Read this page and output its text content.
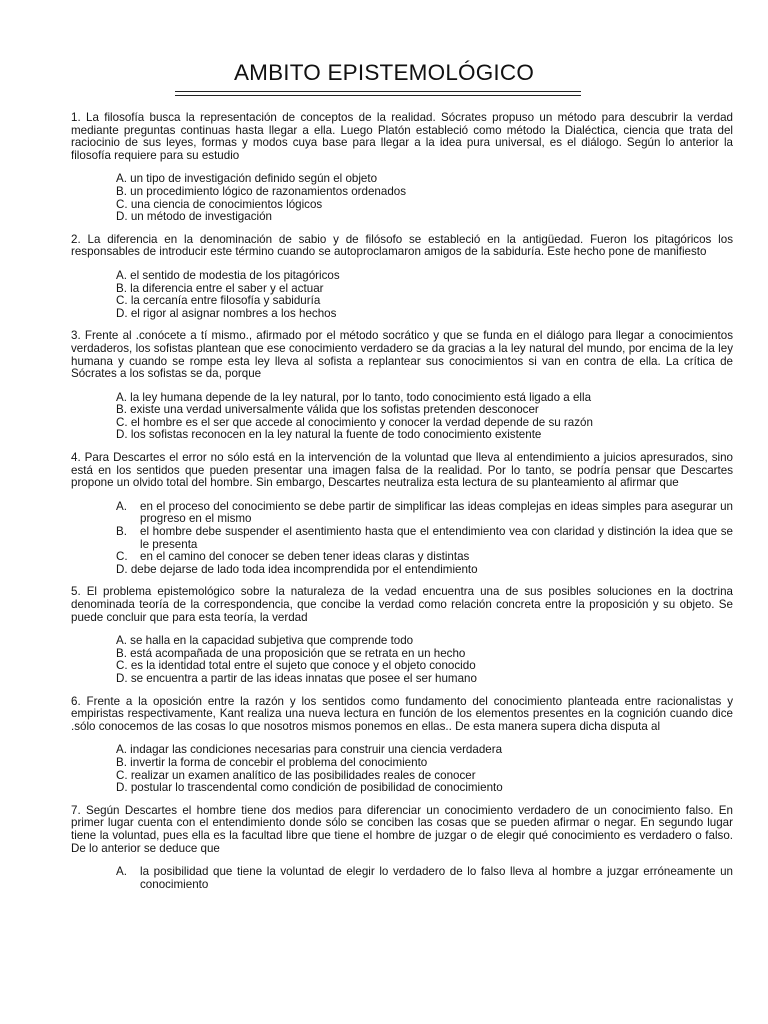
AMBITO EPISTEMOLÓGICO
1. La filosofía busca la representación de conceptos de la realidad. Sócrates propuso un método para descubrir la verdad mediante preguntas continuas hasta llegar a ella. Luego Platón estableció como método la Dialéctica, ciencia que trata del raciocinio de sus leyes, formas y modos cuya base para llegar a la idea pura universal, es el diálogo. Según lo anterior la filosofía requiere para su estudio
A. un tipo de investigación definido según el objeto
B. un procedimiento lógico de razonamientos ordenados
C. una ciencia de conocimientos lógicos
D. un método de investigación
2. La diferencia en la denominación de sabio y de filósofo se estableció en la antigüedad. Fueron los pitagóricos los responsables de introducir este término cuando se autoproclamaron amigos de la sabiduría. Este hecho pone de manifiesto
A. el sentido de modestia de los pitagóricos
B. la diferencia entre el saber y el actuar
C. la cercanía entre filosofía y sabiduría
D. el rigor al asignar nombres a los hechos
3. Frente al .conócete a tí mismo., afirmado por el método socrático y que se funda en el diálogo para llegar a conocimientos verdaderos, los sofistas plantean que ese conocimiento verdadero se da gracias a la ley natural del mundo, por encima de la ley humana y cuando se rompe esta ley lleva al sofista a replantear sus conocimientos si van en contra de ella. La crítica de Sócrates a los sofistas se da, porque
A. la ley humana depende de la ley natural, por lo tanto, todo conocimiento está ligado a ella
B. existe una verdad universalmente válida que los sofistas pretenden desconocer
C. el hombre es el ser que accede al conocimiento y conocer la verdad depende de su razón
D. los sofistas reconocen en la ley natural la fuente de todo conocimiento existente
4. Para Descartes el error no sólo está en la intervención de la voluntad que lleva al entendimiento a juicios apresurados, sino está en los sentidos que pueden presentar una imagen falsa de la realidad. Por lo tanto, se podría pensar que Descartes propone un olvido total del hombre. Sin embargo, Descartes neutraliza esta lectura de su planteamiento al afirmar que
A.	en el proceso del conocimiento se debe partir de simplificar las ideas complejas en ideas simples para asegurar un progreso en el mismo
B.	el hombre debe suspender el asentimiento hasta que el entendimiento vea con claridad y distinción la idea que se le presenta
C.	en el camino del conocer se deben tener ideas claras y distintas
D. debe dejarse de lado toda idea incomprendida por el entendimiento
5. El problema epistemológico sobre la naturaleza de la vedad encuentra una de sus posibles soluciones en la doctrina denominada teoría de la correspondencia, que concibe la verdad como relación concreta entre la proposición y su objeto. Se puede concluir que para esta teoría, la verdad
A. se halla en la capacidad subjetiva que comprende todo
B. está acompañada de una proposición que se retrata en un hecho
C. es la identidad total entre el sujeto que conoce y el objeto conocido
D. se encuentra a partir de las ideas innatas que posee el ser humano
6. Frente a la oposición entre la razón y los sentidos como fundamento del conocimiento planteada entre racionalistas y empiristas respectivamente, Kant realiza una nueva lectura en función de los elementos presentes en la cognición cuando dice .sólo conocemos de las cosas lo que nosotros mismos ponemos en ellas.. De esta manera supera dicha disputa al
A. indagar las condiciones necesarias para construir una ciencia verdadera
B. invertir la forma de concebir el problema del conocimiento
C. realizar un examen analítico de las posibilidades reales de conocer
D. postular lo trascendental como condición de posibilidad de conocimiento
7. Según Descartes el hombre tiene dos medios para diferenciar un conocimiento verdadero de un conocimiento falso. En primer lugar cuenta con el entendimiento donde sólo se conciben las cosas que se pueden afirmar o negar. En segundo lugar tiene la voluntad, pues ella es la facultad libre que tiene el hombre de juzgar o de elegir qué conocimiento es verdadero o falso. De lo anterior se deduce que
A.	la posibilidad que tiene la voluntad de elegir lo verdadero de lo falso lleva al hombre a juzgar erróneamente un conocimiento
